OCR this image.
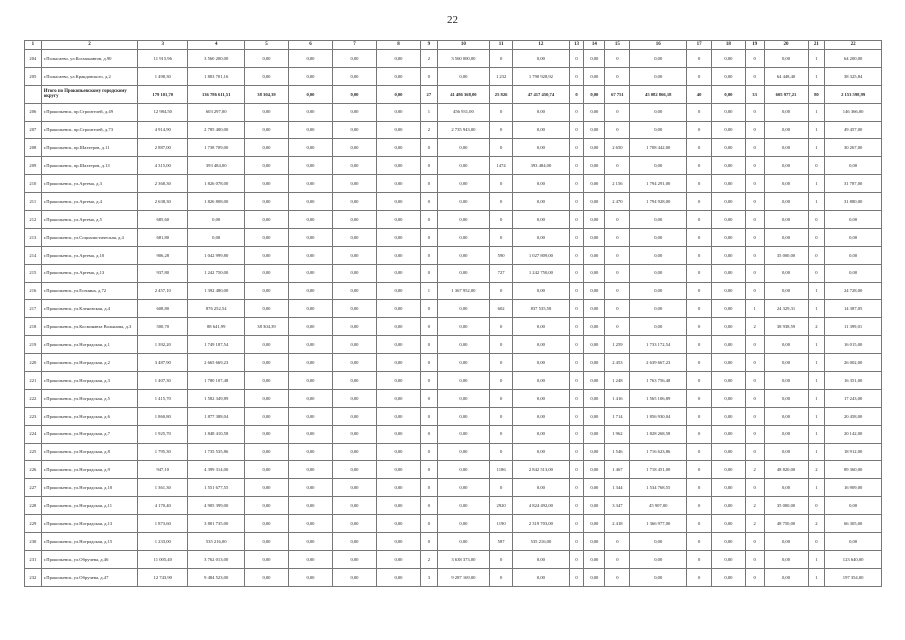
22
1	2	3	4	5	6	7	8	9	10	11	12	13	14	15	16	17	18	19	20	21	22
204	г.Полысаево, ул.Космонавтов, д.90	11 915,96	3 560 200,00	0,00	0,00	0,00	0,00	2	3 560 000,00	0	0,00	0	0,00	0	0,00	0	0,00	0	0,00	1	64 200,00
205	г.Полысаево, ул.Крандовского, д.2	1 498,30	1 803 701,16	0,00	0,00	0,00	0,00	0	0,00	1 232	1 790 928,92	0	0,00	0	0,00	0	0,00	0	64 448,40	1	38 325,84
	Итого по Прокопьевскому городскому округу	179 101,70	136 786 611,51	38 304,39	0,00	0,00	0,00	27	41 486 368,00	25 826	47 417 450,74	0	0,00	67 751	45 082 866,18	40	0,00	33	605 977,21	80	2 153 598,99
206	г.Прокопьевск, пр.Строителей, д.49	12 984,50	603 297,00	0,00	0,00	0,00	0,00	1	456 931,00	0	0,00	0	0,00	0	0,00	0	0,00	0	0,00	1	146 366,00
207	г.Прокопьевск, пр.Строителей, д.73	4 914,90	2 785 400,00	0,00	0,00	0,00	0,00	2	2 735 943,00	0	0,00	0	0,00	0	0,00	0	0,00	0	0,00	1	49 457,00
208	г.Прокопьевск, пр.Шахтеров, д.11	2 887,00	1 738 709,00	0,00	0,00	0,00	0,00	0	0,00	0	0,00	0	0,00	2 650	1 708 442,00	0	0,00	0	0,00	1	30 267,00
209	г.Прокопьевск, пр.Шахтеров, д.13	4 315,00	393 484,00	0,00	0,00	0,00	0,00	0	0,00	1474	393 484,00	0	0,00	0	0,00	0	0,00	0	0,00	0	0,00
210	г.Прокопьевск, ул.Артема, д.3	2 368,30	1 826 078,00	0,00	0,00	0,00	0,00	0	0,00	0	0,00	0	0,00	2 156	1 794 291,00	0	0,00	0	0,00	1	31 787,00
211	г.Прокопьевск, ул.Артема, д.4	2 638,30	1 826 808,00	0,00	0,00	0,00	0,00	0	0,00	0	0,00	0	0,00	2 470	1 794 928,00	0	0,00	0	0,00	1	31 880,00
212	г.Прокопьевск, ул.Артема, д.5	685,60	0,00	0,00	0,00	0,00	0,00	0	0,00	0	0,00	0	0,00	0	0,00	0	0,00	0	0,00	0	0,00
213	г.Прокопьевск, ул.Социалистическая, д.4	681,80	0,00	0,00	0,00	0,00	0,00	0	0,00	0	0,00	0	0,00	0	0,00	0	0,00	0	0,00	0	0,00
214	г.Прокопьевск, ул.Артема, д.10	906,28	1 042 999,80	0,00	0,00	0,00	0,00	0	0,00	590	1 027 809,00	0	0,00	0	0,00	0	0,00	0	35 000,00	0	0,00
215	г.Прокопьевск, ул.Артема, д.13	937,80	1 242 750,00	0,00	0,00	0,00	0,00	0	0,00	727	1 242 750,00	0	0,00	0	0,00	0	0,00	0	0,00	0	0,00
216	г.Прокопьевск, ул.Есенина, д.72	2 457,10	1 392 480,00	0,00	0,00	0,00	0,00	1	1 367 952,00	0	0,00	0	0,00	0	0,00	0	0,00	0	0,00	1	24 728,00
217	г.Прокопьевск, ул.Кленовская, д.4	608,80	876 252,54	0,00	0,00	0,00	0,00	0	0,00	602	837 535,58	0	0,00	0	0,00	0	0,00	1	24 329,31	1	14 387,05
218	г.Прокопьевск, ул.Космонавта Волынова, д.3	500,70	88 641,99	38 304,39	0,00	0,00	0,00	0	0,00	0	0,00	0	0,00	0	0,00	0	0,00	2	38 938,59	2	11 399,01
219	г.Прокопьевск, ул.Ноградская, д.1	1 392,20	1 749 187,54	0,00	0,00	0,00	0,00	0	0,00	0	0,00	0	0,00	1 259	1 733 172,54	0	0,00	0	0,00	1	16 015,00
220	г.Прокопьевск, ул.Ноградская, д.2	3 487,90	2 665 669,23	0,00	0,00	0,00	0,00	0	0,00	0	0,00	0	0,00	2 453	2 639 667,23	0	0,00	0	0,00	1	26 002,00
221	г.Прокопьевск, ул.Ноградская, д.3	1 407,30	1 780 107,48	0,00	0,00	0,00	0,00	0	0,00	0	0,00	0	0,00	1 248	1 763 756,48	0	0,00	0	0,00	1	16 351,00
222	г.Прокопьевск, ул.Ноградская, д.5	1 415,70	1 582 349,89	0,00	0,00	0,00	0,00	0	0,00	0	0,00	0	0,00	1 416	1 565 106,89	0	0,00	0	0,00	1	17 243,00
223	г.Прокопьевск, ул.Ноградская, д.6	1 860,80	1 877 388,04	0,00	0,00	0,00	0,00	0	0,00	0	0,00	0	0,00	1 714	1 856 930,04	0	0,00	0	0,00	1	20 458,00
224	г.Прокопьевск, ул.Ноградская, д.7	1 925,70	1 848 410,58	0,00	0,00	0,00	0,00	0	0,00	0	0,00	0	0,00	1 962	1 828 268,58	0	0,00	0	0,00	1	20 142,00
225	г.Прокопьевск, ул.Ноградская, д.8	1 795,30	1 735 535,86	0,00	0,00	0,00	0,00	0	0,00	0	0,00	0	0,00	1 546	1 716 623,86	0	0,00	0	0,00	1	18 912,00
226	г.Прокопьевск, ул.Ноградская, д.9	947,10	4 399 314,00	0,00	0,00	0,00	0,00	0	0,00	1186	2 842 513,00	0	0,00	1 467	1 718 451,00	0	0,00	2	48 820,00	2	89 360,00
227	г.Прокопьевск, ул.Ноградская, д.10	1 361,30	1 551 677,55	0,00	0,00	0,00	0,00	0	0,00	0	0,00	0	0,00	1 344	1 534 768,55	0	0,00	0	0,00	1	16 909,00
228	г.Прокопьевск, ул.Ноградская, д.11	4 170,40	4 905 399,00	0,00	0,00	0,00	0,00	0	0,00	2920	4 824 492,00	0	0,00	3 347	45 907,00	0	0,00	2	35 000,00	0	0,00
229	г.Прокопьевск, ул.Ноградская, д.13	1 873,60	3 801 735,00	0,00	0,00	0,00	0,00	0	0,00	1190	2 319 703,00	0	0,00	2 418	1 366 977,00	0	0,00	2	48 750,00	2	66 305,00
230	г.Прокопьевск, ул.Ноградская, д.15	1 233,00	535 216,00	0,00	0,00	0,00	0,00	0	0,00	587	535 216,00	0	0,00	0	0,00	0	0,00	0	0,00	0	0,00
231	г.Прокопьевск, ул.Обручева, д.46	11 005,40	3 762 013,00	0,00	0,00	0,00	0,00	2	3 638 373,00	0	0,00	0	0,00	0	0,00	0	0,00	0	0,00	1	123 640,00
232	г.Прокопьевск, ул.Обручева, д.47	12 743,90	9 484 523,00	0,00	0,00	0,00	0,00	3	9 287 169,00	0	0,00	0	0,00	0	0,00	0	0,00	0	0,00	1	197 354,00
